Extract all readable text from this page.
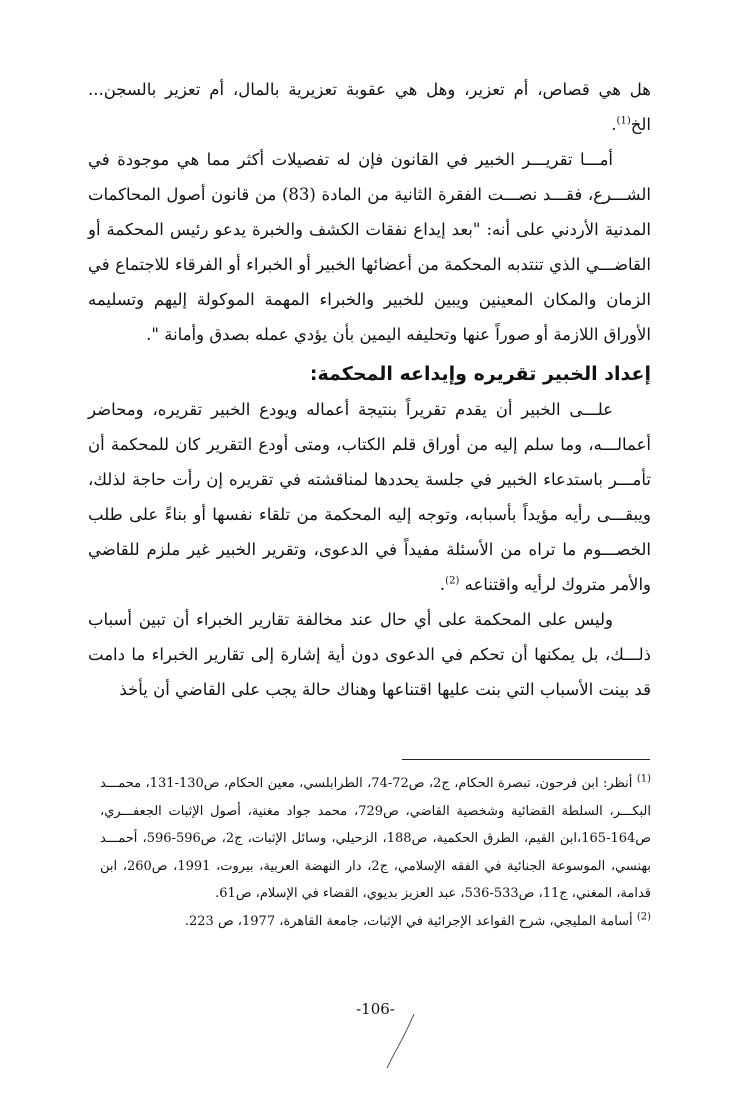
هل هي قصاص، أم تعزير، وهل هي عقوبة تعزيرية بالمال، أم تعزير بالسجن... الخ$^{(1)}$.

أمـــا تقريـــر الخبير في القانون فإن له تفصيلات أكثر مما هي موجودة في الشـــرع، فقـــد نصـــت الفقرة الثانية من المادة (83) من قانون أصول المحاكمات المدنية الأردني على أنه: "بعد إيداع نفقات الكشف والخبرة يدعو رئيس المحكمة أو القاضـــي الذي تنتدبه المحكمة من أعضائها الخبير أو الخبراء أو الفرقاء للاجتماع في الزمان والمكان المعينين ويبين للخبير والخبراء المهمة الموكولة إليهم وتسليمه الأوراق اللازمة أو صوراً عنها وتحليفه اليمين بأن يؤدي عمله بصدق وأمانة ".

إعداد الخبير تقريره وإيداعه المحكمة:

علـــى الخبير أن يقدم تقريراً بنتيجة أعماله ويودع الخبير تقريره، ومحاضر أعمالـــه، وما سلم إليه من أوراق قلم الكتاب، ومتى أودع التقرير كان للمحكمة أن تأمـــر باستدعاء الخبير في جلسة يحددها لمناقشته في تقريره إن رأت حاجة لذلك، ويبقـــى رأيه مؤيداً بأسبابه، وتوجه إليه المحكمة من تلقاء نفسها أو بناءً على طلب الخصـــوم ما تراه من الأسئلة مفيداً في الدعوى، وتقرير الخبير غير ملزم للقاضي والأمر متروك لرأيه واقتناعه $^{(2)}$.

وليس على المحكمة على أي حال عند مخالفة تقارير الخبراء أن تبين أسباب ذلـــك، بل يمكنها أن تحكم في الدعوى دون أية إشارة إلى تقارير الخبراء ما دامت قد بينت الأسباب التي بنت عليها اقتناعها وهناك حالة يجب على القاضي أن يأخذ

$^{(1)}$ أنظر: ابن فرحون، تبصرة الحكام، ج2، ص72-74، الطرابلسي، معين الحكام، ص130-131، محمـــد البكـــر، السلطة القضائية وشخصية القاضي، ص729، محمد جواد مغنية، أصول الإثبات الجعفـــري، ص164-165،ابن القيم، الطرق الحكمية، ص188، الزحيلي، وسائل الإثبات، ج2، ص596-596، أحمـــد بهنسي، الموسوعة الجنائية في الفقه الإسلامي، ج2، دار النهضة العربية، بيروت، 1991، ص260، ابن قدامة، المغني، ج11، ص533-536، عبد العزيز بديوي، القضاء في الإسلام، ص61.

$^{(2)}$ أسامة المليجي، شرح القواعد الإجرائية في الإثبات، جامعة القاهرة، 1977، ص 223.

-106-
